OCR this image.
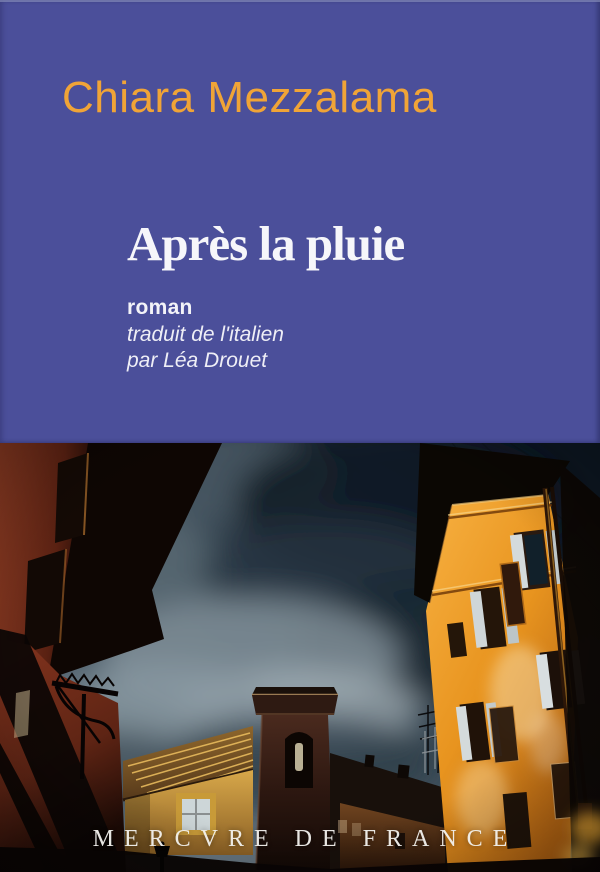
Chiara Mezzalama
Après la pluie
roman
traduit de l'italien
par Léa Drouet
MERCVRE DE FRANCE
